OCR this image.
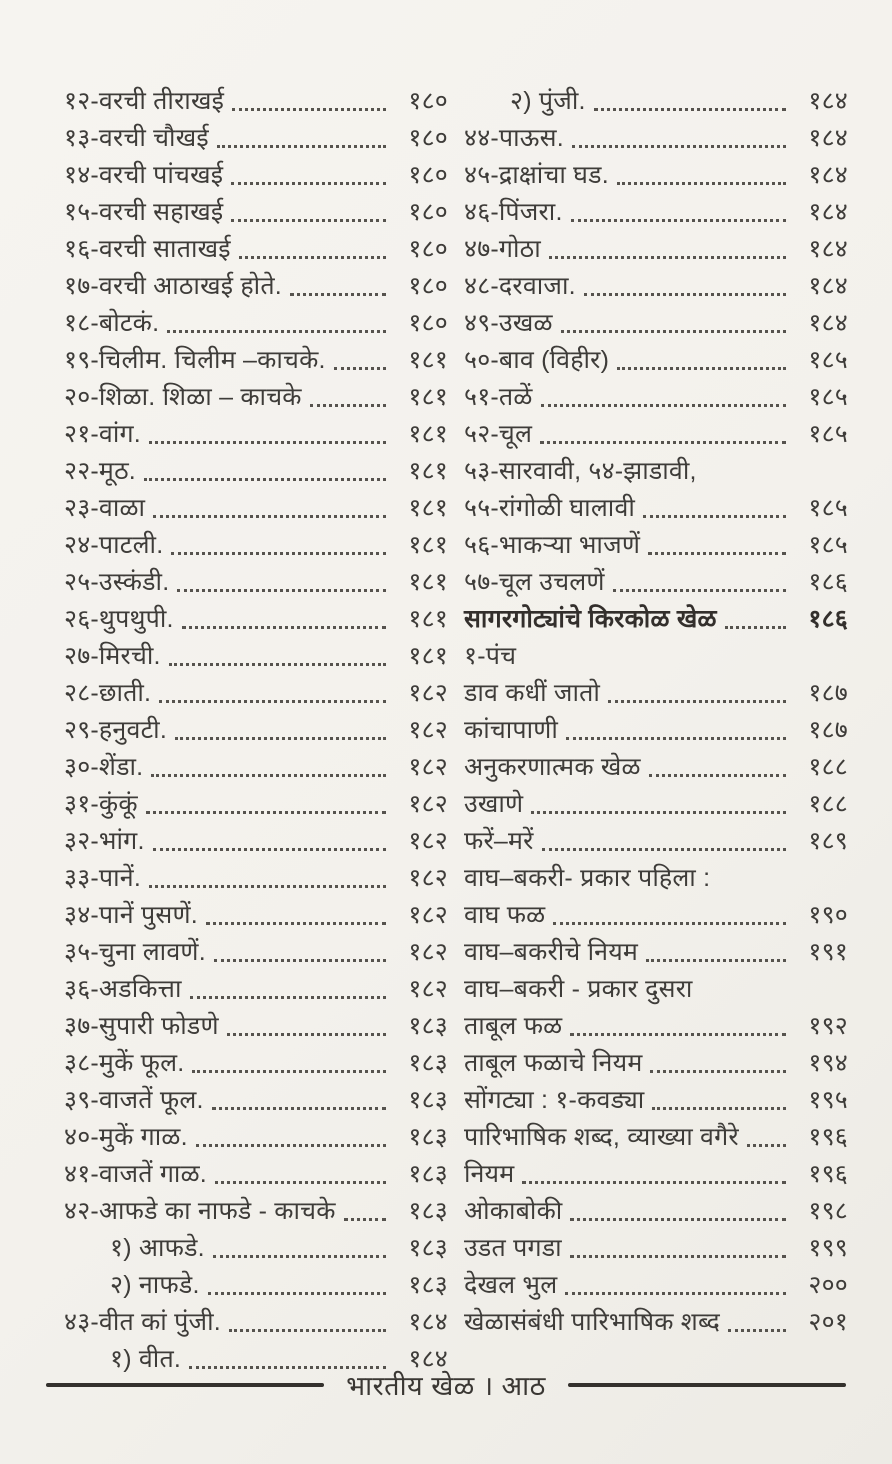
१२-वरची तीराखई	१८०
१३-वरची चौखई	१८०
१४-वरची पांचखई	१८०
१५-वरची सहाखई	१८०
१६-वरची साताखई	१८०
१७-वरची आठाखई होते.	१८०
१८-बोटकं.	१८०
१९-चिलीम. चिलीम –काचके.	१८१
२०-शिळा. शिळा – काचके	१८१
२१-वांग.	१८१
२२-मूठ.	१८१
२३-वाळा	१८१
२४-पाटली.	१८१
२५-उस्कंडी.	१८१
२६-थुपथुपी.	१८१
२७-मिरची.	१८१
२८-छाती.	१८२
२९-हनुवटी.	१८२
३०-शेंडा.	१८२
३१-कुंकूं	१८२
३२-भांग.	१८२
३३-पानें.	१८२
३४-पानें पुसणें.	१८२
३५-चुना लावणें.	१८२
३६-अडकित्ता	१८२
३७-सुपारी फोडणे	१८३
३८-मुकें फूल.	१८३
३९-वाजतें फूल.	१८३
४०-मुकें गाळ.	१८३
४१-वाजतें गाळ.	१८३
४२-आफडे का नाफडे - काचके	१८३
१) आफडे.	१८३
२) नाफडे.	१८३
४३-वीत कां पुंजी.	१८४
१) वीत.	१८४
२) पुंजी.	१८४
४४-पाऊस.	१८४
४५-द्राक्षांचा घड.	१८४
४६-पिंजरा.	१८४
४७-गोठा	१८४
४८-दरवाजा.	१८४
४९-उखळ	१८४
५०-बाव (विहीर)	१८५
५१-तळें	१८५
५२-चूल	१८५
५३-सारवावी, ५४-झाडावी,
५५-रांगोळी घालावी	१८५
५६-भाकऱ्या भाजणें	१८५
५७-चूल उचलणें	१८६
सागरगोट्यांचे किरकोळ खेळ	१८६
१-पंच
डाव कधीं जातो	१८७
कांचापाणी	१८७
अनुकरणात्मक खेळ	१८८
उखाणे	१८८
फरें–मरें	१८९
वाघ–बकरी- प्रकार पहिला :
वाघ फळ	१९०
वाघ–बकरीचे नियम	१९१
वाघ–बकरी - प्रकार दुसरा
ताबूल फळ	१९२
ताबूल फळाचे नियम	१९४
सोंगट्या : १-कवड्या	१९५
पारिभाषिक शब्द, व्याख्या वगैरे	१९६
नियम	१९६
ओकाबोकी	१९८
उडत पगडा	१९९
देखल भुल	२००
खेळासंबंधी पारिभाषिक शब्द	२०१
भारतीय खेळ । आठ
